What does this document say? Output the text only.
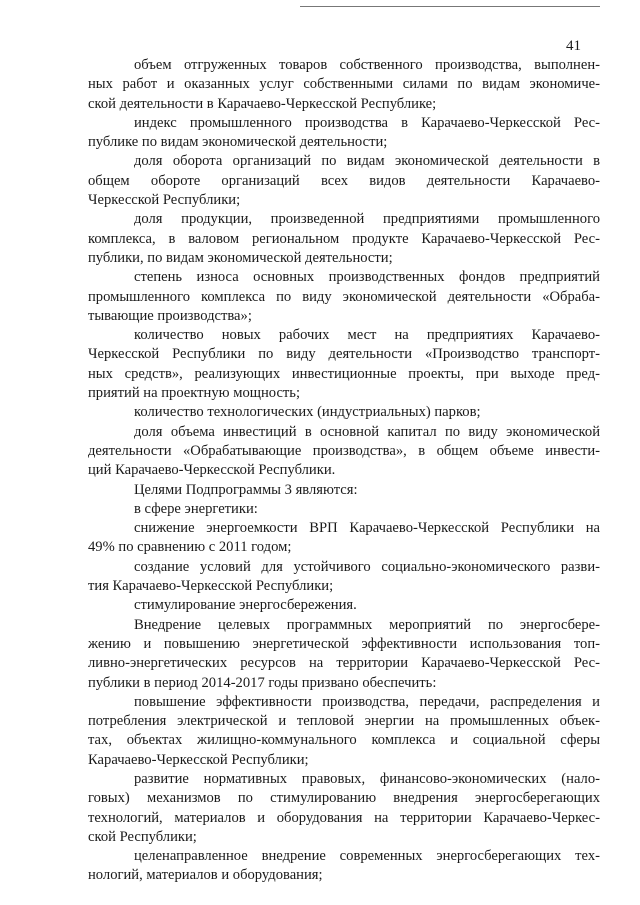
41
объем отгруженных товаров собственного производства, выполнен-
ных работ и оказанных услуг собственными силами по видам экономиче-
ской деятельности в Карачаево-Черкесской Республике;
индекс промышленного производства в Карачаево-Черкесской Рес-
публике по видам экономической деятельности;
доля оборота организаций по видам экономической деятельности в
общем обороте организаций всех видов деятельности Карачаево-
Черкесской Республики;
доля продукции, произведенной предприятиями промышленного
комплекса, в валовом региональном продукте Карачаево-Черкесской Рес-
публики, по видам экономической деятельности;
степень износа основных производственных фондов предприятий
промышленного комплекса по виду экономической деятельности «Обраба-
тывающие производства»;
количество новых рабочих мест на предприятиях Карачаево-
Черкесской Республики по виду деятельности «Производство транспорт-
ных средств», реализующих инвестиционные проекты, при выходе пред-
приятий на проектную мощность;
количество технологических (индустриальных) парков;
доля объема инвестиций в основной капитал по виду экономической
деятельности «Обрабатывающие производства», в общем объеме инвести-
ций Карачаево-Черкесской Республики.
Целями Подпрограммы 3 являются:
в сфере энергетики:
снижение энергоемкости ВРП Карачаево-Черкесской Республики на
49% по сравнению с 2011 годом;
создание условий для устойчивого социально-экономического разви-
тия Карачаево-Черкесской Республики;
стимулирование энергосбережения.
Внедрение целевых программных мероприятий по энергосбере-
жению и повышению энергетической эффективности использования топ-
ливно-энергетических ресурсов на территории Карачаево-Черкесской Рес-
публики в период 2014-2017 годы призвано обеспечить:
повышение эффективности производства, передачи, распределения и
потребления электрической и тепловой энергии на промышленных объек-
тах, объектах жилищно-коммунального комплекса и социальной сферы
Карачаево-Черкесской Республики;
развитие нормативных правовых, финансово-экономических (нало-
говых) механизмов по стимулированию внедрения энергосберегающих
технологий, материалов и оборудования на территории Карачаево-Черкес-
ской Республики;
целенаправленное внедрение современных энергосберегающих тех-
нологий, материалов и оборудования;
